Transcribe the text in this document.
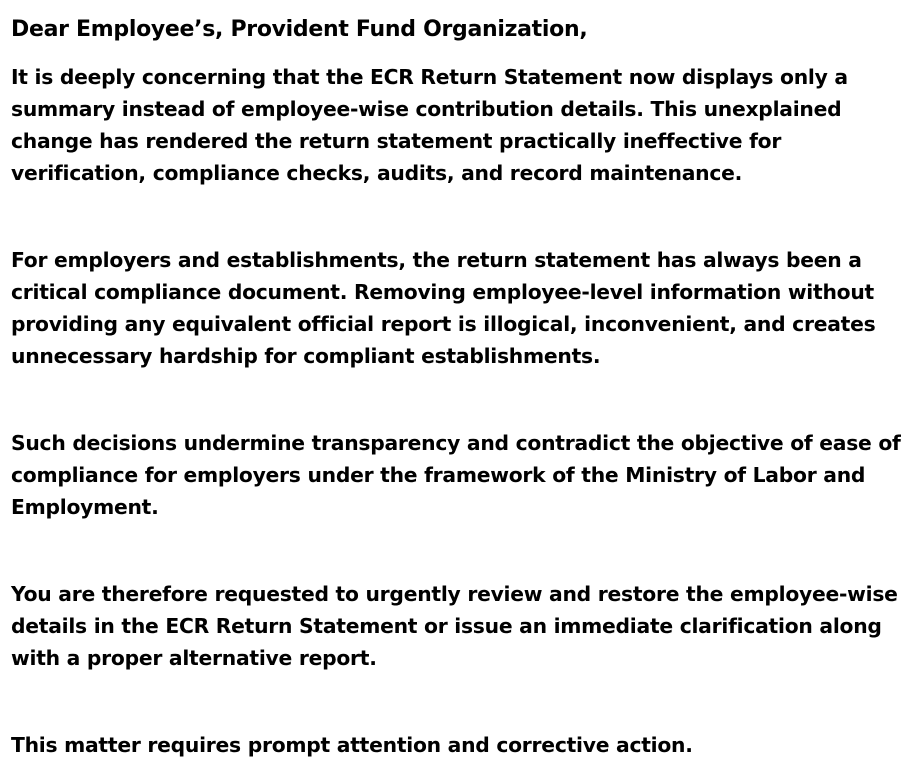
Dear Employee’s, Provident Fund Organization,

It is deeply concerning that the ECR Return Statement now displays only a summary instead of employee-wise contribution details. This unexplained change has rendered the return statement practically ineffective for verification, compliance checks, audits, and record maintenance.

For employers and establishments, the return statement has always been a critical compliance document. Removing employee-level information without providing any equivalent official report is illogical, inconvenient, and creates unnecessary hardship for compliant establishments.

Such decisions undermine transparency and contradict the objective of ease of compliance for employers under the framework of the Ministry of Labor and Employment.

You are therefore requested to urgently review and restore the employee-wise details in the ECR Return Statement or issue an immediate clarification along with a proper alternative report.

This matter requires prompt attention and corrective action.
